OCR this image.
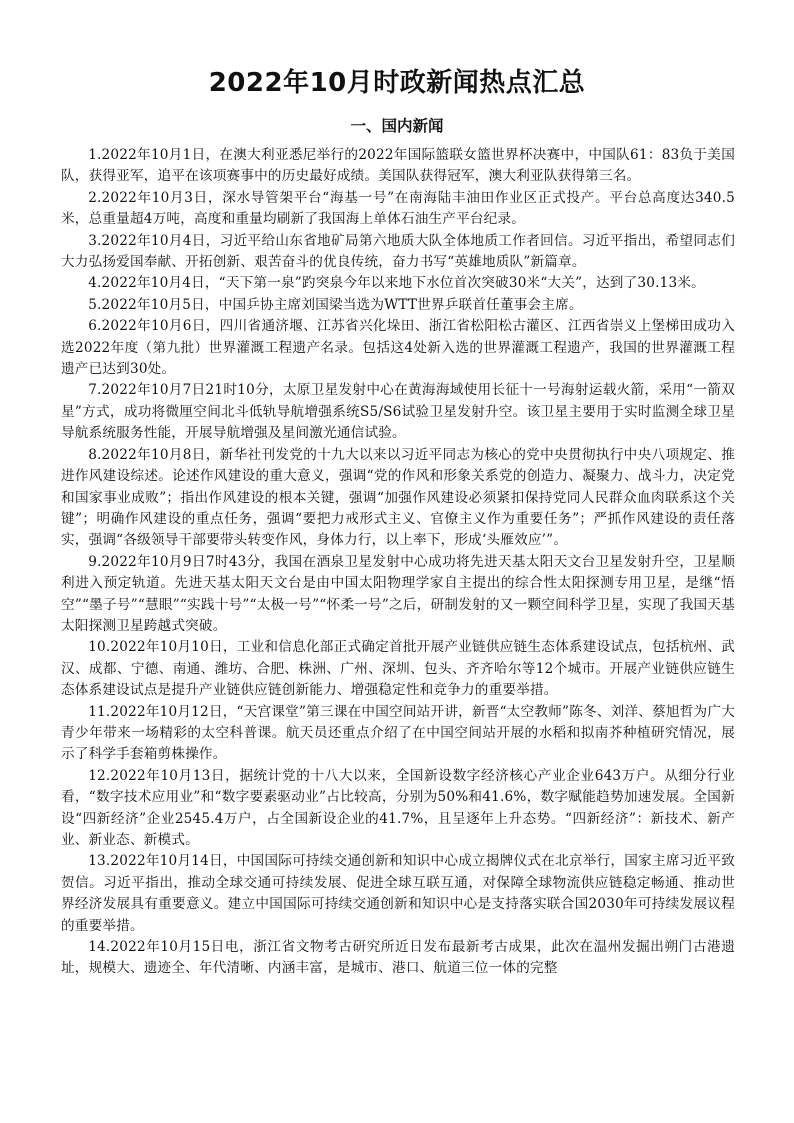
2022年10月时政新闻热点汇总
一、国内新闻

1.2022年10月1日，在澳大利亚悉尼举行的2022年国际篮联女篮世界杯决赛中，中国队61：83负于美国队，获得亚军，追平在该项赛事中的历史最好成绩。美国队获得冠军，澳大利亚队获得第三名。

2.2022年10月3日，深水导管架平台“海基一号”在南海陆丰油田作业区正式投产。平台总高度达340.5米，总重量超4万吨，高度和重量均刷新了我国海上单体石油生产平台纪录。

3.2022年10月4日，习近平给山东省地矿局第六地质大队全体地质工作者回信。习近平指出，希望同志们大力弘扬爱国奉献、开拓创新、艰苦奋斗的优良传统，奋力书写“英雄地质队”新篇章。

4.2022年10月4日，“天下第一泉”趵突泉今年以来地下水位首次突破30米“大关”，达到了30.13米。

5.2022年10月5日，中国乒协主席刘国梁当选为WTT世界乒联首任董事会主席。

6.2022年10月6日，四川省通济堰、江苏省兴化垛田、浙江省松阳松古灌区、江西省崇义上堡梯田成功入选2022年度（第九批）世界灌溉工程遗产名录。包括这4处新入选的世界灌溉工程遗产，我国的世界灌溉工程遗产已达到30处。

7.2022年10月7日21时10分，太原卫星发射中心在黄海海域使用长征十一号海射运载火箭，采用“一箭双星”方式，成功将微厘空间北斗低轨导航增强系统S5/S6试验卫星发射升空。该卫星主要用于实时监测全球卫星导航系统服务性能，开展导航增强及星间激光通信试验。

8.2022年10月8日，新华社刊发党的十九大以来以习近平同志为核心的党中央贯彻执行中央八项规定、推进作风建设综述。论述作风建设的重大意义，强调“党的作风和形象关系党的创造力、凝聚力、战斗力，决定党和国家事业成败”；指出作风建设的根本关键，强调“加强作风建设必须紧扣保持党同人民群众血肉联系这个关键”；明确作风建设的重点任务，强调“要把力戒形式主义、官僚主义作为重要任务”；严抓作风建设的责任落实，强调“各级领导干部要带头转变作风，身体力行，以上率下，形成‘头雁效应’”。

9.2022年10月9日7时43分，我国在酒泉卫星发射中心成功将先进天基太阳天文台卫星发射升空，卫星顺利进入预定轨道。先进天基太阳天文台是由中国太阳物理学家自主提出的综合性太阳探测专用卫星，是继“悟空”“墨子号”“慧眼”“实践十号”“太极一号”“怀柔一号”之后，研制发射的又一颗空间科学卫星，实现了我国天基太阳探测卫星跨越式突破。

10.2022年10月10日，工业和信息化部正式确定首批开展产业链供应链生态体系建设试点，包括杭州、武汉、成都、宁德、南通、潍坊、合肥、株洲、广州、深圳、包头、齐齐哈尔等12个城市。开展产业链供应链生态体系建设试点是提升产业链供应链创新能力、增强稳定性和竞争力的重要举措。

11.2022年10月12日，“天宫课堂”第三课在中国空间站开讲，新晋“太空教师”陈冬、刘洋、蔡旭哲为广大青少年带来一场精彩的太空科普课。航天员还重点介绍了在中国空间站开展的水稻和拟南芥种植研究情况，展示了科学手套箱剪株操作。

12.2022年10月13日，据统计党的十八大以来，全国新设数字经济核心产业企业643万户。从细分行业看，“数字技术应用业”和“数字要素驱动业”占比较高，分别为50%和41.6%，数字赋能趋势加速发展。全国新设“四新经济”企业2545.4万户，占全国新设企业的41.7%，且呈逐年上升态势。“四新经济”：新技术、新产业、新业态、新模式。

13.2022年10月14日，中国国际可持续交通创新和知识中心成立揭牌仪式在北京举行，国家主席习近平致贺信。习近平指出，推动全球交通可持续发展、促进全球互联互通，对保障全球物流供应链稳定畅通、推动世界经济发展具有重要意义。建立中国国际可持续交通创新和知识中心是支持落实联合国2030年可持续发展议程的重要举措。

14.2022年10月15日电，浙江省文物考古研究所近日发布最新考古成果，此次在温州发掘出朔门古港遗址，规模大、遗迹全、年代清晰、内涵丰富，是城市、港口、航道三位一体的完整
